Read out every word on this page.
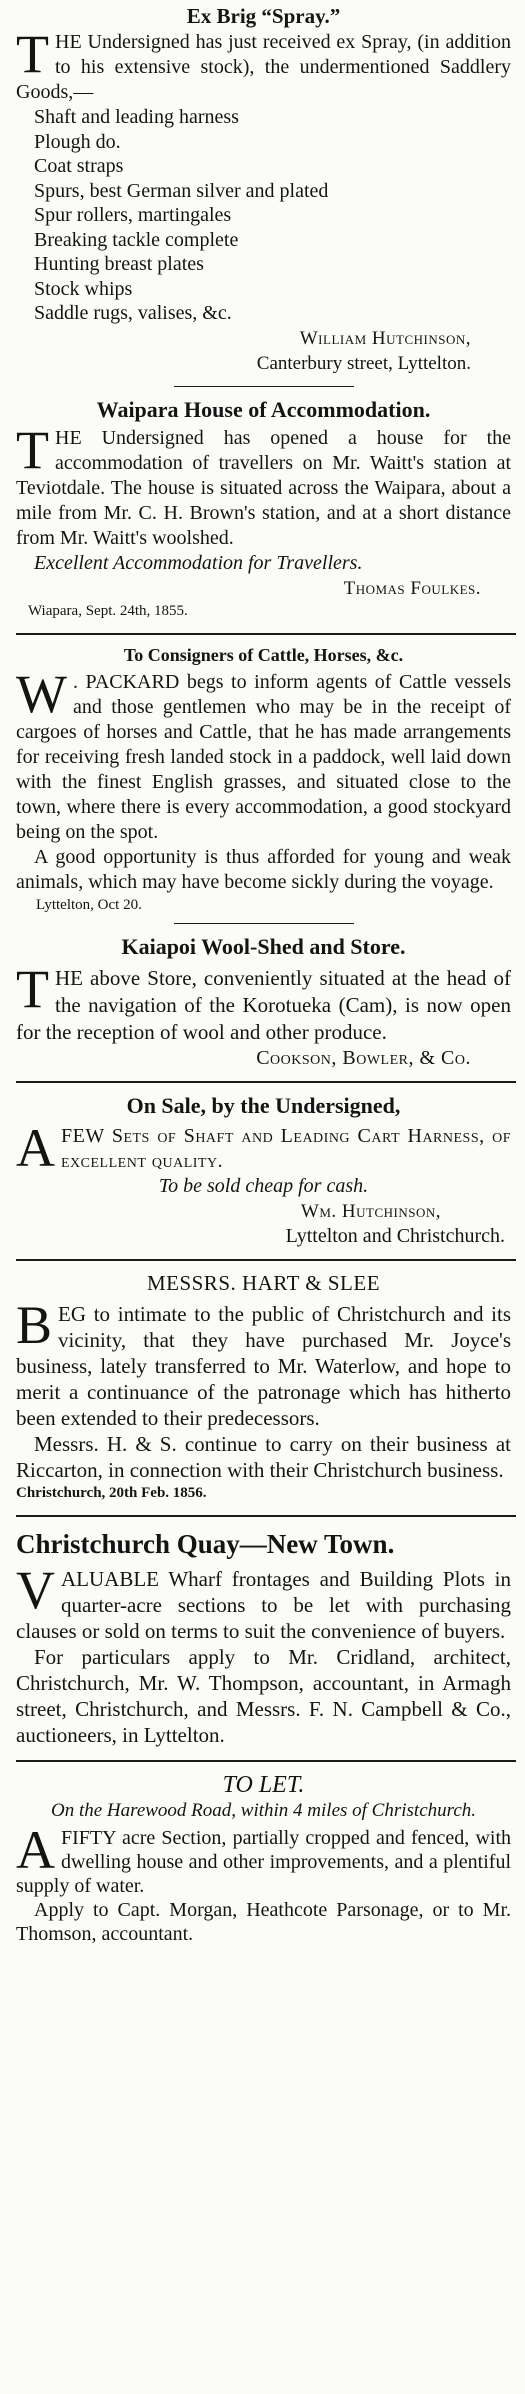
Ex Brig “Spray.”

THE Undersigned has just received ex Spray, (in addition to his extensive stock), the undermentioned Saddlery Goods,—

Shaft and leading harness
Plough do.
Coat straps
Spurs, best German silver and plated
Spur rollers, martingales
Breaking tackle complete
Hunting breast plates
Stock whips
Saddle rugs, valises, &c.

William Hutchinson,

Canterbury street, Lyttelton.

Waipara House of Accommodation.

THE Undersigned has opened a house for the accommodation of travellers on Mr. Waitt's station at Teviotdale. The house is situated across the Waipara, about a mile from Mr. C. H. Brown's station, and at a short distance from Mr. Waitt's woolshed.

Excellent Accommodation for Travellers.

Thomas Foulkes.

Wiapara, Sept. 24th, 1855.

To Consigners of Cattle, Horses, &c.

W . PACKARD begs to inform agents of Cattle vessels and those gentlemen who may be in the receipt of cargoes of horses and Cattle, that he has made arrangements for receiving fresh landed stock in a paddock, well laid down with the finest English grasses, and situated close to the town, where there is every accommodation, a good stockyard being on the spot.

A good opportunity is thus afforded for young and weak animals, which may have become sickly during the voyage.

Lyttelton, Oct 20.

Kaiapoi Wool-Shed and Store.

THE above Store, conveniently situated at the head of the navigation of the Korotueka (Cam), is now open for the reception of wool and other produce.

Cookson, Bowler, & Co.

On Sale, by the Undersigned,

AFEW Sets of Shaft and Leading Cart Harness, of excellent quality.

To be sold cheap for cash.

Wm. Hutchinson,

Lyttelton and Christchurch.

MESSRS. HART & SLEE

BEG to intimate to the public of Christchurch and its vicinity, that they have purchased Mr. Joyce's business, lately transferred to Mr. Waterlow, and hope to merit a continuance of the patronage which has hitherto been extended to their predecessors.

Messrs. H. & S. continue to carry on their business at Riccarton, in connection with their Christchurch business.

Christchurch, 20th Feb. 1856.

Christchurch Quay—New Town.

VALUABLE Wharf frontages and Building Plots in quarter-acre sections to be let with purchasing clauses or sold on terms to suit the convenience of buyers.

For particulars apply to Mr. Cridland, architect, Christchurch, Mr. W. Thompson, accountant, in Armagh street, Christchurch, and Messrs. F. N. Campbell & Co., auctioneers, in Lyttelton.

TO LET.

On the Harewood Road, within 4 miles of Christchurch.

AFIFTY acre Section, partially cropped and fenced, with dwelling house and other improvements, and a plentiful supply of water.

Apply to Capt. Morgan, Heathcote Parsonage, or to Mr. Thomson, accountant.
